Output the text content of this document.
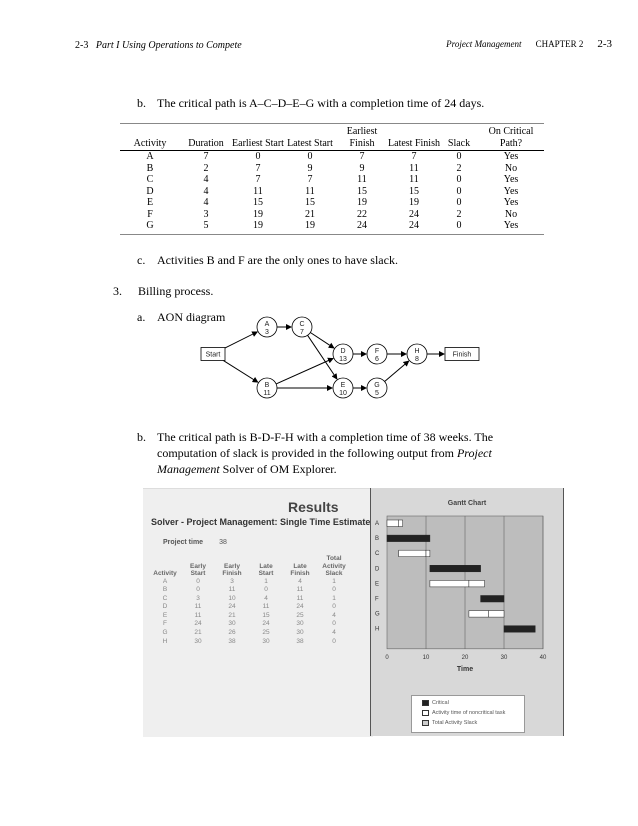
2-3 Part I Using Operations to Compete	Project Management CHAPTER 2 2-3
b. The critical path is A–C–D–E–G with a completion time of 24 days.
Activity	Duration	Earliest Start	Latest Start	Earliest Finish	Latest Finish	Slack	On Critical Path?
A	7	0	0	7	7	0	Yes
B	2	7	9	9	11	2	No
C	4	7	7	11	11	0	Yes
D	4	11	11	15	15	0	Yes
E	4	15	15	19	19	0	Yes
F	3	19	21	22	24	2	No
G	5	19	19	24	24	0	Yes
c. Activities B and F are the only ones to have slack.
3. Billing process.
a. AON diagram
Start
A
3
C
7
B
11
D
13
E
10
F
6
G
5
H
8
Finish
b. The critical path is B-D-F-H with a completion time of 38 weeks. The
computation of slack is provided in the following output from Project
Management Solver of OM Explorer.
Results
Solver - Project Management: Single Time Estimate
Project time 38
Activity	Early Start	Early Finish	Late Start	Late Finish	Total Activity Slack
A	0	3	1	4	1
B	0	11	0	11	0
C	3	10	4	11	1
D	11	24	11	24	0
E	11	21	15	25	4
F	24	30	24	30	0
G	21	26	25	30	4
H	30	38	30	38	0
Gantt Chart
0	10	20	30	40
Time
A
B
C
D
E
F
G
H
Critical
Activity time of noncritical task
Total Activity Slack
